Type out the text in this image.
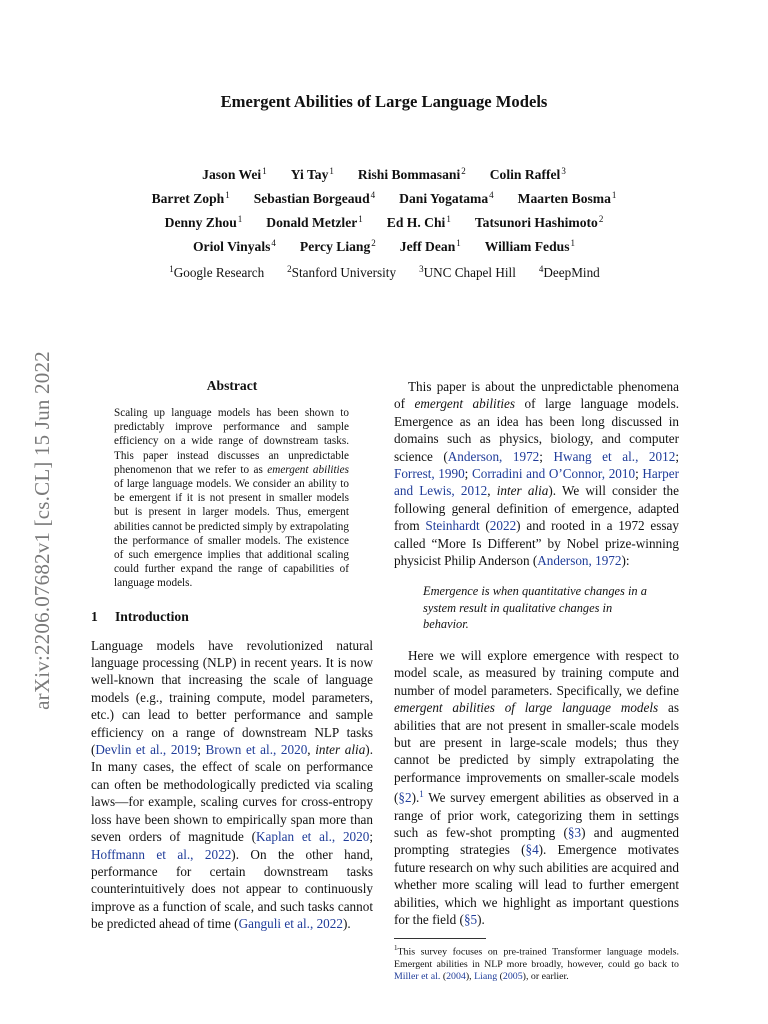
arXiv:2206.07682v1 [cs.CL] 15 Jun 2022
Emergent Abilities of Large Language Models
Jason Wei$^1$ Yi Tay$^1$ Rishi Bommasani$^2$ Colin Raffel$^3$
Barret Zoph$^1$ Sebastian Borgeaud$^4$ Dani Yogatama$^4$ Maarten Bosma$^1$
Denny Zhou$^1$ Donald Metzler$^1$ Ed H. Chi$^1$ Tatsunori Hashimoto$^2$
Oriol Vinyals$^4$ Percy Liang$^2$ Jeff Dean$^1$ William Fedus$^1$
$^1$Google Research	$^2$Stanford University	$^3$UNC Chapel Hill	$^4$DeepMind
Abstract

Scaling up language models has been shown to predictably improve performance and sample efficiency on a wide range of downstream tasks. This paper instead discusses an unpredictable phenomenon that we refer to as emergent abilities of large language models. We consider an ability to be emergent if it is not present in smaller models but is present in larger models. Thus, emergent abilities cannot be predicted simply by extrapolating the performance of smaller models. The existence of such emergence implies that additional scaling could further expand the range of capabilities of language models.

1 Introduction

Language models have revolutionized natural language processing (NLP) in recent years. It is now well-known that increasing the scale of language models (e.g., training compute, model parameters, etc.) can lead to better performance and sample efficiency on a range of downstream NLP tasks (Devlin et al., 2019; Brown et al., 2020, inter alia). In many cases, the effect of scale on performance can often be methodologically predicted via scaling laws—for example, scaling curves for cross-entropy loss have been shown to empirically span more than seven orders of magnitude (Kaplan et al., 2020; Hoffmann et al., 2022). On the other hand, performance for certain downstream tasks counterintuitively does not appear to continuously improve as a function of scale, and such tasks cannot be predicted ahead of time (Ganguli et al., 2022).

This paper is about the unpredictable phenomena of emergent abilities of large language models. Emergence as an idea has been long discussed in domains such as physics, biology, and computer science (Anderson, 1972; Hwang et al., 2012; Forrest, 1990; Corradini and O’Connor, 2010; Harper and Lewis, 2012, inter alia). We will consider the following general definition of emergence, adapted from Steinhardt (2022) and rooted in a 1972 essay called “More Is Different” by Nobel prize-winning physicist Philip Anderson (Anderson, 1972):

Emergence is when quantitative changes in a system result in qualitative changes in behavior.

Here we will explore emergence with respect to model scale, as measured by training compute and number of model parameters. Specifically, we define emergent abilities of large language models as abilities that are not present in smaller-scale models but are present in large-scale models; thus they cannot be predicted by simply extrapolating the performance improvements on smaller-scale models (§2).$^1$ We survey emergent abilities as observed in a range of prior work, categorizing them in settings such as few-shot prompting (§3) and augmented prompting strategies (§4). Emergence motivates future research on why such abilities are acquired and whether more scaling will lead to further emergent abilities, which we highlight as important questions for the field (§5).

$^1$This survey focuses on pre-trained Transformer language models. Emergent abilities in NLP more broadly, however, could go back to Miller et al. (2004), Liang (2005), or earlier.
